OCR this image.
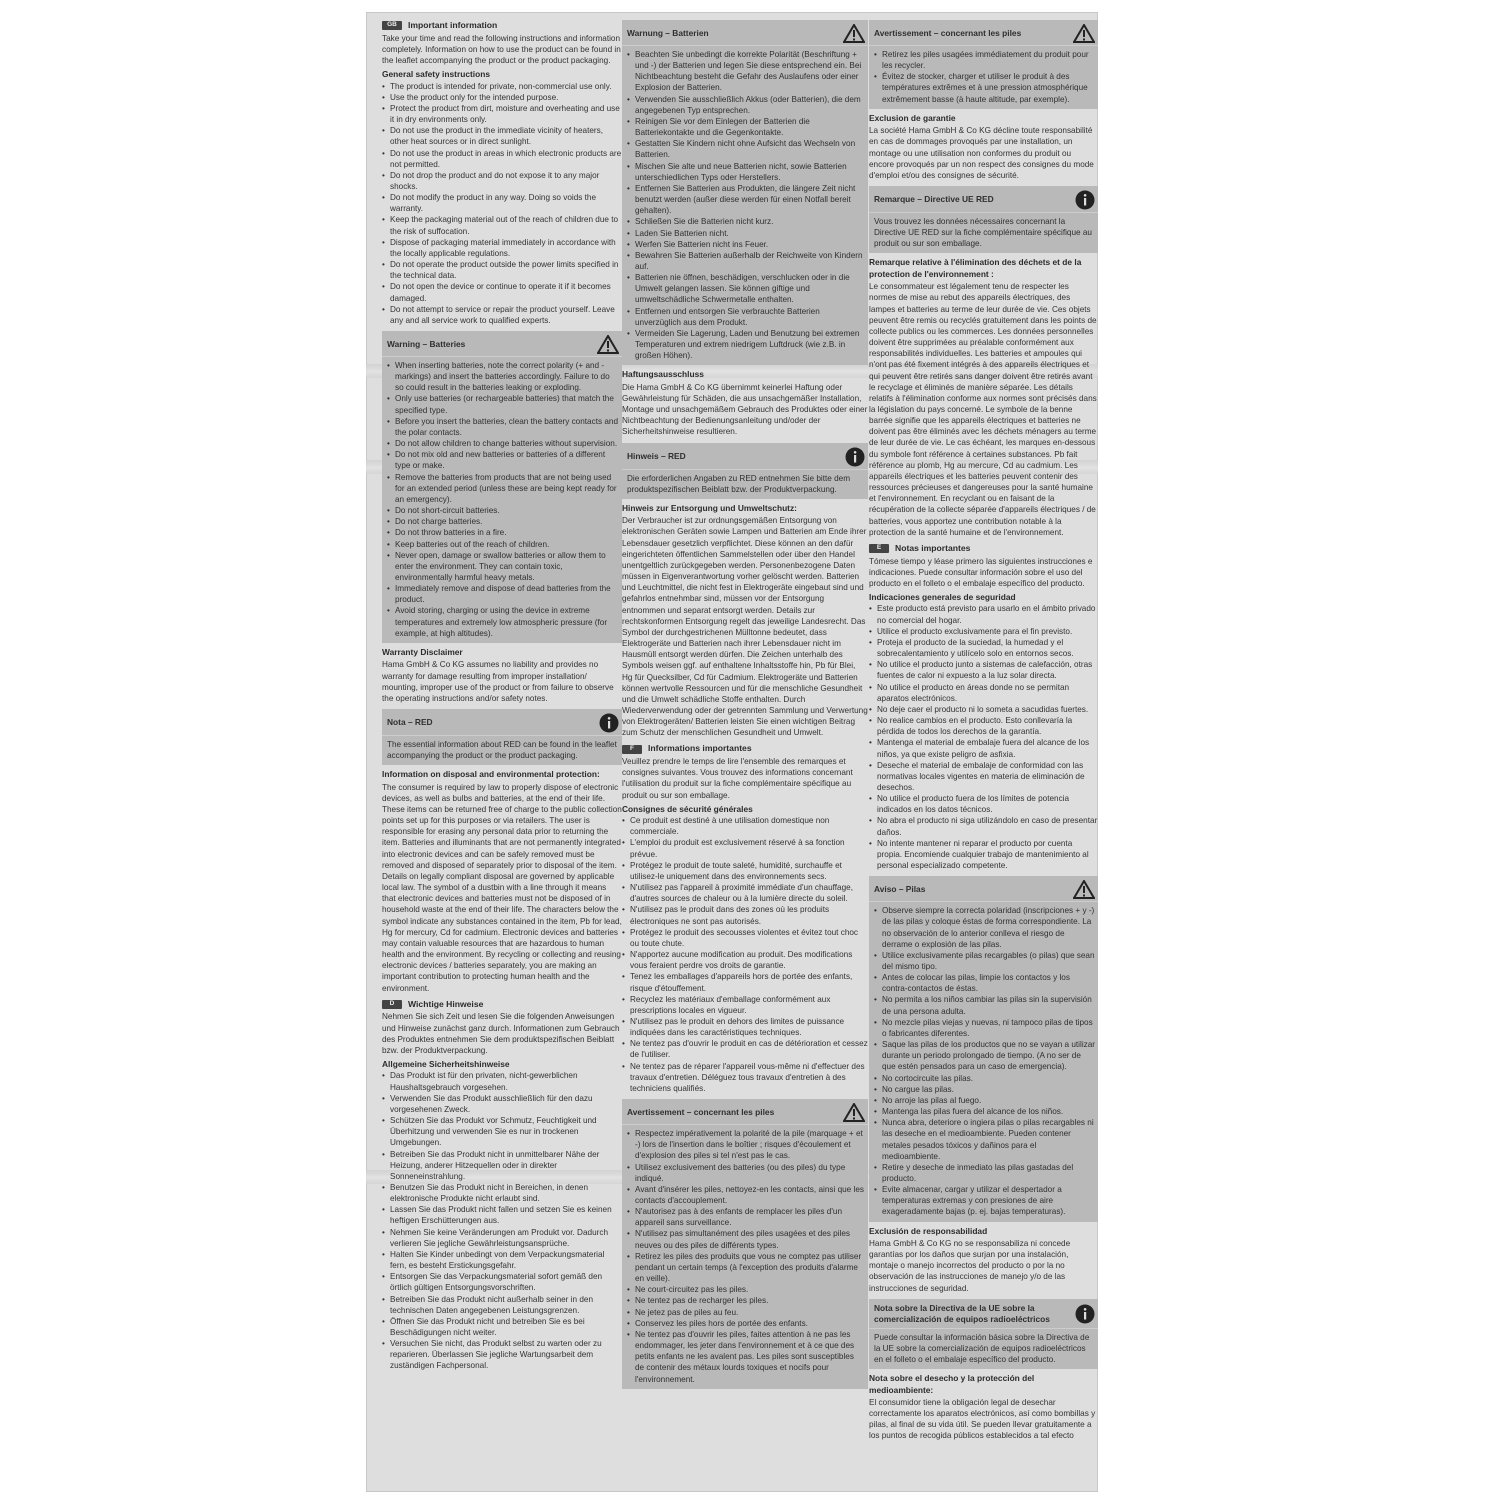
GB	Important information

Take your time and read the following instructions and information completely. Information on how to use the product can be found in the leaflet accompanying the product or the product packaging.

General safety instructions

• The product is intended for private, non-commercial use only.
• Use the product only for the intended purpose.
• Protect the product from dirt, moisture and overheating and use it in dry environments only.
• Do not use the product in the immediate vicinity of heaters, other heat sources or in direct sunlight.
• Do not use the product in areas in which electronic products are not permitted.
• Do not drop the product and do not expose it to any major shocks.
• Do not modify the product in any way. Doing so voids the warranty.
• Keep the packaging material out of the reach of children due to the risk of suffocation.
• Dispose of packaging material immediately in accordance with the locally applicable regulations.
• Do not operate the product outside the power limits specified in the technical data.
• Do not open the device or continue to operate it if it becomes damaged.
• Do not attempt to service or repair the product yourself. Leave any and all service work to qualified experts.
Warning – Batteries
• When inserting batteries, note the correct polarity (+ and - markings) and insert the batteries accordingly. Failure to do so could result in the batteries leaking or exploding.
• Only use batteries (or rechargeable batteries) that match the specified type.
• Before you insert the batteries, clean the battery contacts and the polar contacts.
• Do not allow children to change batteries without supervision.
• Do not mix old and new batteries or batteries of a different type or make.
• Remove the batteries from products that are not being used for an extended period (unless these are being kept ready for an emergency).
• Do not short-circuit batteries.
• Do not charge batteries.
• Do not throw batteries in a fire.
• Keep batteries out of the reach of children.
• Never open, damage or swallow batteries or allow them to enter the environment. They can contain toxic, environmentally harmful heavy metals.
• Immediately remove and dispose of dead batteries from the product.
• Avoid storing, charging or using the device in extreme temperatures and extremely low atmospheric pressure (for example, at high altitudes).

Warranty Disclaimer

Hama GmbH & Co KG assumes no liability and provides no warranty for damage resulting from improper installation/ mounting, improper use of the product or from failure to observe the operating instructions and/or safety notes.

Nota – RED

The essential information about RED can be found in the leaflet accompanying the product or the product packaging.

Information on disposal and environmental protection:

The consumer is required by law to properly dispose of electronic devices, as well as bulbs and batteries, at the end of their life. These items can be returned free of charge to the public collection points set up for this purposes or via retailers. The user is responsible for erasing any personal data prior to returning the item. Batteries and illuminants that are not permanently integrated into electronic devices and can be safely removed must be removed and disposed of separately prior to disposal of the item. Details on legally compliant disposal are governed by applicable local law. The symbol of a dustbin with a line through it means that electronic devices and batteries must not be disposed of in household waste at the end of their life. The characters below the symbol indicate any substances contained in the item, Pb for lead, Hg for mercury, Cd for cadmium. Electronic devices and batteries may contain valuable resources that are hazardous to human health and the environment. By recycling or collecting and reusing electronic devices / batteries separately, you are making an important contribution to protecting human health and the environment.

D	Wichtige Hinweise

Nehmen Sie sich Zeit und lesen Sie die folgenden Anweisungen und Hinweise zunächst ganz durch. Informationen zum Gebrauch des Produktes entnehmen Sie dem produktspezifischen Beiblatt bzw. der Produktverpackung.

Allgemeine Sicherheitshinweise

• Das Produkt ist für den privaten, nicht-gewerblichen Haushaltsgebrauch vorgesehen.
• Verwenden Sie das Produkt ausschließlich für den dazu vorgesehenen Zweck.
• Schützen Sie das Produkt vor Schmutz, Feuchtigkeit und Überhitzung und verwenden Sie es nur in trockenen Umgebungen.
• Betreiben Sie das Produkt nicht in unmittelbarer Nähe der Heizung, anderer Hitzequellen oder in direkter Sonneneinstrahlung.
• Benutzen Sie das Produkt nicht in Bereichen, in denen elektronische Produkte nicht erlaubt sind.
• Lassen Sie das Produkt nicht fallen und setzen Sie es keinen heftigen Erschütterungen aus.
• Nehmen Sie keine Veränderungen am Produkt vor. Dadurch verlieren Sie jegliche Gewährleistungsansprüche.
• Halten Sie Kinder unbedingt von dem Verpackungsmaterial fern, es besteht Erstickungsgefahr.
• Entsorgen Sie das Verpackungsmaterial sofort gemäß den örtlich gültigen Entsorgungsvorschriften.
• Betreiben Sie das Produkt nicht außerhalb seiner in den technischen Daten angegebenen Leistungsgrenzen.
• Öffnen Sie das Produkt nicht und betreiben Sie es bei Beschädigungen nicht weiter.
• Versuchen Sie nicht, das Produkt selbst zu warten oder zu reparieren. Überlassen Sie jegliche Wartungsarbeit dem zuständigen Fachpersonal.
Warnung – Batterien
• Beachten Sie unbedingt die korrekte Polarität (Beschriftung + und -) der Batterien und legen Sie diese entsprechend ein. Bei Nichtbeachtung besteht die Gefahr des Auslaufens oder einer Explosion der Batterien.
• Verwenden Sie ausschließlich Akkus (oder Batterien), die dem angegebenen Typ entsprechen.
• Reinigen Sie vor dem Einlegen der Batterien die Batteriekontakte und die Gegenkontakte.
• Gestatten Sie Kindern nicht ohne Aufsicht das Wechseln von Batterien.
• Mischen Sie alte und neue Batterien nicht, sowie Batterien unterschiedlichen Typs oder Herstellers.
• Entfernen Sie Batterien aus Produkten, die längere Zeit nicht benutzt werden (außer diese werden für einen Notfall bereit gehalten).
• Schließen Sie die Batterien nicht kurz.
• Laden Sie Batterien nicht.
• Werfen Sie Batterien nicht ins Feuer.
• Bewahren Sie Batterien außerhalb der Reichweite von Kindern auf.
• Batterien nie öffnen, beschädigen, verschlucken oder in die Umwelt gelangen lassen. Sie können giftige und umweltschädliche Schwermetalle enthalten.
• Entfernen und entsorgen Sie verbrauchte Batterien unverzüglich aus dem Produkt.
• Vermeiden Sie Lagerung, Laden und Benutzung bei extremen Temperaturen und extrem niedrigem Luftdruck (wie z.B. in großen Höhen).

Haftungsausschluss

Die Hama GmbH & Co KG übernimmt keinerlei Haftung oder Gewährleistung für Schäden, die aus unsachgemäßer Installation, Montage und unsachgemäßem Gebrauch des Produktes oder einer Nichtbeachtung der Bedienungsanleitung und/oder der Sicherheitshinweise resultieren.

Hinweis – RED

Die erforderlichen Angaben zu RED entnehmen Sie bitte dem produktspezifischen Beiblatt bzw. der Produktverpackung.

Hinweis zur Entsorgung und Umweltschutz:

Der Verbraucher ist zur ordnungsgemäßen Entsorgung von elektronischen Geräten sowie Lampen und Batterien am Ende ihrer Lebensdauer gesetzlich verpflichtet. Diese können an den dafür eingerichteten öffentlichen Sammelstellen oder über den Handel unentgeltlich zurückgegeben werden. Personenbezogene Daten müssen in Eigenverantwortung vorher gelöscht werden. Batterien und Leuchtmittel, die nicht fest in Elektrogeräte eingebaut sind und gefahrlos entnehmbar sind, müssen vor der Entsorgung entnommen und separat entsorgt werden. Details zur rechtskonformen Entsorgung regelt das jeweilige Landesrecht. Das Symbol der durchgestrichenen Mülltonne bedeutet, dass Elektrogeräte und Batterien nach ihrer Lebensdauer nicht im Hausmüll entsorgt werden dürfen. Die Zeichen unterhalb des Symbols weisen ggf. auf enthaltene Inhaltsstoffe hin, Pb für Blei, Hg für Quecksilber, Cd für Cadmium. Elektrogeräte und Batterien können wertvolle Ressourcen und für die menschliche Gesundheit und die Umwelt schädliche Stoffe enthalten. Durch Wiederverwendung oder der getrennten Sammlung und Verwertung von Elektrogeräten/ Batterien leisten Sie einen wichtigen Beitrag zum Schutz der menschlichen Gesundheit und Umwelt.

F	Informations importantes

Veuillez prendre le temps de lire l'ensemble des remarques et consignes suivantes. Vous trouvez des informations concernant l'utilisation du produit sur la fiche complémentaire spécifique au produit ou sur son emballage.

Consignes de sécurité générales

• Ce produit est destiné à une utilisation domestique non commerciale.
• L'emploi du produit est exclusivement réservé à sa fonction prévue.
• Protégez le produit de toute saleté, humidité, surchauffe et utilisez-le uniquement dans des environnements secs.
• N'utilisez pas l'appareil à proximité immédiate d'un chauffage, d'autres sources de chaleur ou à la lumière directe du soleil.
• N'utilisez pas le produit dans des zones où les produits électroniques ne sont pas autorisés.
• Protégez le produit des secousses violentes et évitez tout choc ou toute chute.
• N'apportez aucune modification au produit. Des modifications vous feraient perdre vos droits de garantie.
• Tenez les emballages d'appareils hors de portée des enfants, risque d'étouffement.
• Recyclez les matériaux d'emballage conformément aux prescriptions locales en vigueur.
• N'utilisez pas le produit en dehors des limites de puissance indiquées dans les caractéristiques techniques.
• Ne tentez pas d'ouvrir le produit en cas de détérioration et cessez de l'utiliser.
• Ne tentez pas de réparer l'appareil vous-même ni d'effectuer des travaux d'entretien. Déléguez tous travaux d'entretien à des techniciens qualifiés.
Avertissement – concernant les piles
• Respectez impérativement la polarité de la pile (marquage + et -) lors de l'insertion dans le boîtier ; risques d'écoulement et d'explosion des piles si tel n'est pas le cas.
• Utilisez exclusivement des batteries (ou des piles) du type indiqué.
• Avant d'insérer les piles, nettoyez-en les contacts, ainsi que les contacts d'accouplement.
• N'autorisez pas à des enfants de remplacer les piles d'un appareil sans surveillance.
• N'utilisez pas simultanément des piles usagées et des piles neuves ou des piles de différents types.
• Retirez les piles des produits que vous ne comptez pas utiliser pendant un certain temps (à l'exception des produits d'alarme en veille).
• Ne court-circuitez pas les piles.
• Ne tentez pas de recharger les piles.
• Ne jetez pas de piles au feu.
• Conservez les piles hors de portée des enfants.
• Ne tentez pas d'ouvrir les piles, faites attention à ne pas les endommager, les jeter dans l'environnement et à ce que des petits enfants ne les avalent pas. Les piles sont susceptibles de contenir des métaux lourds toxiques et nocifs pour l'environnement.
Avertissement – concernant les piles
• Retirez les piles usagées immédiatement du produit pour les recycler.
• Évitez de stocker, charger et utiliser le produit à des températures extrêmes et à une pression atmosphérique extrêmement basse (à haute altitude, par exemple).

Exclusion de garantie

La société Hama GmbH & Co KG décline toute responsabilité en cas de dommages provoqués par une installation, un montage ou une utilisation non conformes du produit ou encore provoqués par un non respect des consignes du mode d'emploi et/ou des consignes de sécurité.

Remarque – Directive UE RED

Vous trouvez les données nécessaires concernant la Directive UE RED sur la fiche complémentaire spécifique au produit ou sur son emballage.

Remarque relative à l'élimination des déchets et de la protection de l'environnement :

Le consommateur est légalement tenu de respecter les normes de mise au rebut des appareils électriques, des lampes et batteries au terme de leur durée de vie. Ces objets peuvent être remis ou recyclés gratuitement dans les points de collecte publics ou les commerces. Les données personnelles doivent être supprimées au préalable conformément aux responsabilités individuelles. Les batteries et ampoules qui n'ont pas été fixement intégrés à des appareils électriques et qui peuvent être retirés sans danger doivent être retirés avant le recyclage et éliminés de manière séparée. Les détails relatifs à l'élimination conforme aux normes sont précisés dans la législation du pays concerné. Le symbole de la benne barrée signifie que les appareils électriques et batteries ne doivent pas être éliminés avec les déchets ménagers au terme de leur durée de vie. Le cas échéant, les marques en-dessous du symbole font référence à certaines substances. Pb fait référence au plomb, Hg au mercure, Cd au cadmium. Les appareils électriques et les batteries peuvent contenir des ressources précieuses et dangereuses pour la santé humaine et l'environnement. En recyclant ou en faisant de la récupération de la collecte séparée d'appareils électriques / de batteries, vous apportez une contribution notable à la protection de la santé humaine et de l'environnement.

E	Notas importantes

Tómese tiempo y léase primero las siguientes instrucciones e indicaciones. Puede consultar información sobre el uso del producto en el folleto o el embalaje específico del producto.

Indicaciones generales de seguridad

• Este producto está previsto para usarlo en el ámbito privado no comercial del hogar.
• Utilice el producto exclusivamente para el fin previsto.
• Proteja el producto de la suciedad, la humedad y el sobrecalentamiento y utilícelo solo en entornos secos.
• No utilice el producto junto a sistemas de calefacción, otras fuentes de calor ni expuesto a la luz solar directa.
• No utilice el producto en áreas donde no se permitan aparatos electrónicos.
• No deje caer el producto ni lo someta a sacudidas fuertes.
• No realice cambios en el producto. Esto conllevaría la pérdida de todos los derechos de la garantía.
• Mantenga el material de embalaje fuera del alcance de los niños, ya que existe peligro de asfixia.
• Deseche el material de embalaje de conformidad con las normativas locales vigentes en materia de eliminación de desechos.
• No utilice el producto fuera de los límites de potencia indicados en los datos técnicos.
• No abra el producto ni siga utilizándolo en caso de presentar daños.
• No intente mantener ni reparar el producto por cuenta propia. Encomiende cualquier trabajo de mantenimiento al personal especializado competente.
Aviso – Pilas
• Observe siempre la correcta polaridad (inscripciones + y -) de las pilas y coloque éstas de forma correspondiente. La no observación de lo anterior conlleva el riesgo de derrame o explosión de las pilas.
• Utilice exclusivamente pilas recargables (o pilas) que sean del mismo tipo.
• Antes de colocar las pilas, limpie los contactos y los contra-contactos de éstas.
• No permita a los niños cambiar las pilas sin la supervisión de una persona adulta.
• No mezcle pilas viejas y nuevas, ni tampoco pilas de tipos o fabricantes diferentes.
• Saque las pilas de los productos que no se vayan a utilizar durante un periodo prolongado de tiempo. (A no ser de que estén pensados para un caso de emergencia).
• No cortocircuite las pilas.
• No cargue las pilas.
• No arroje las pilas al fuego.
• Mantenga las pilas fuera del alcance de los niños.
• Nunca abra, deteriore o ingiera pilas o pilas recargables ni las deseche en el medioambiente. Pueden contener metales pesados tóxicos y dañinos para el medioambiente.
• Retire y deseche de inmediato las pilas gastadas del producto.
• Evite almacenar, cargar y utilizar el despertador a temperaturas extremas y con presiones de aire exageradamente bajas (p. ej. bajas temperaturas).

Exclusión de responsabilidad

Hama GmbH & Co KG no se responsabiliza ni concede garantías por los daños que surjan por una instalación, montaje o manejo incorrectos del producto o por la no observación de las instrucciones de manejo y/o de las instrucciones de seguridad.

Nota sobre la Directiva de la UE sobre la comercialización de equipos radioeléctricos

Puede consultar la información básica sobre la Directiva de la UE sobre la comercialización de equipos radioeléctricos en el folleto o el embalaje específico del producto.

Nota sobre el desecho y la protección del medioambiente:

El consumidor tiene la obligación legal de desechar correctamente los aparatos electrónicos, así como bombillas y pilas, al final de su vida útil. Se pueden llevar gratuitamente a los puntos de recogida públicos establecidos a tal efecto
